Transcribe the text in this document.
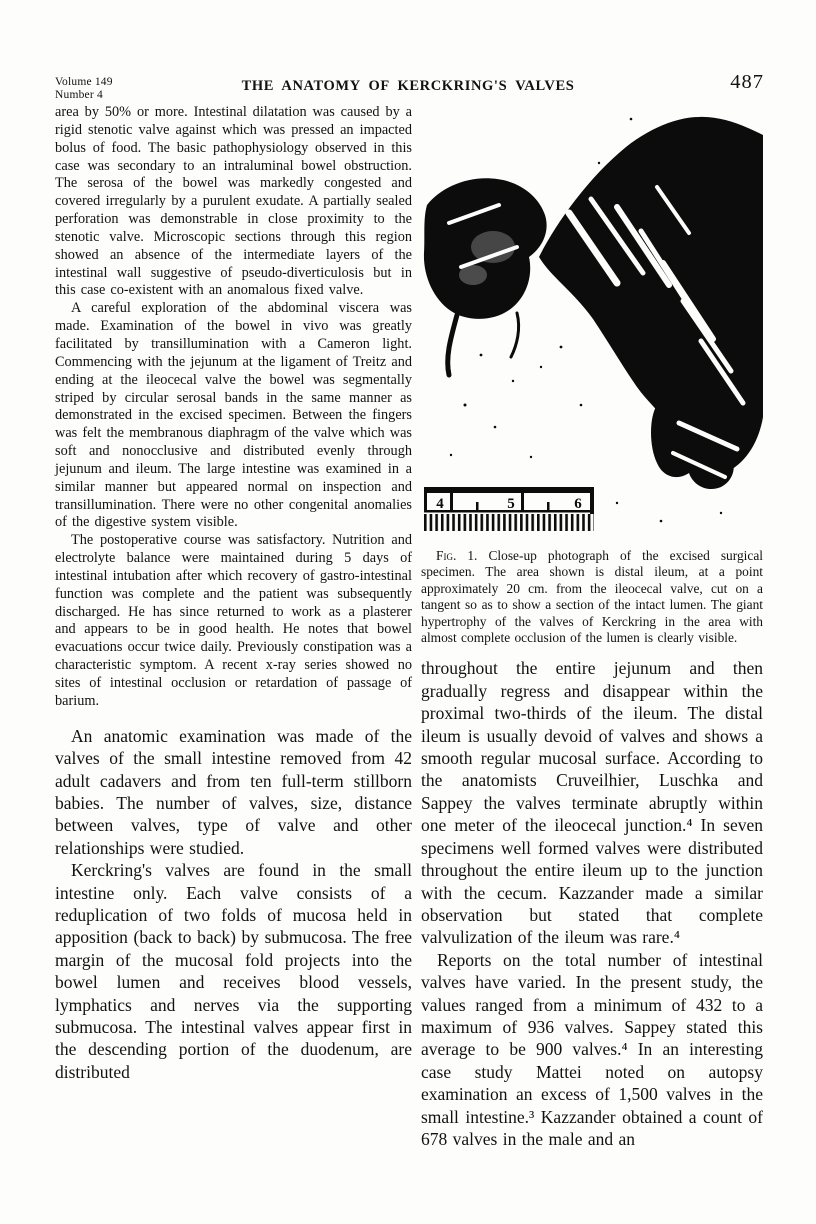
Volume 149
Number 4
THE ANATOMY OF KERCKRING'S VALVES	487

area by 50% or more. Intestinal dilatation was caused by a rigid stenotic valve against which was pressed an impacted bolus of food. The basic pathophysiology observed in this case was secondary to an intraluminal bowel obstruction. The serosa of the bowel was markedly congested and covered irregularly by a purulent exudate. A partially sealed perforation was demonstrable in close proximity to the stenotic valve. Microscopic sections through this region showed an absence of the intermediate layers of the intestinal wall suggestive of pseudo-diverticulosis but in this case co-existent with an anomalous fixed valve.

A careful exploration of the abdominal viscera was made. Examination of the bowel in vivo was greatly facilitated by transillumination with a Cameron light. Commencing with the jejunum at the ligament of Treitz and ending at the ileocecal valve the bowel was segmentally striped by circular serosal bands in the same manner as demonstrated in the excised specimen. Between the fingers was felt the membranous diaphragm of the valve which was soft and nonocclusive and distributed evenly through jejunum and ileum. The large intestine was examined in a similar manner but appeared normal on inspection and transillumination. There were no other congenital anomalies of the digestive system visible.

The postoperative course was satisfactory. Nutrition and electrolyte balance were maintained during 5 days of intestinal intubation after which recovery of gastro-intestinal function was complete and the patient was subsequently discharged. He has since returned to work as a plasterer and appears to be in good health. He notes that bowel evacuations occur twice daily. Previously constipation was a characteristic symptom. A recent x-ray series showed no sites of intestinal occlusion or retardation of passage of barium.

An anatomic examination was made of the valves of the small intestine removed from 42 adult cadavers and from ten full-term stillborn babies. The number of valves, size, distance between valves, type of valve and other relationships were studied.

Kerckring's valves are found in the small intestine only. Each valve consists of a reduplication of two folds of mucosa held in apposition (back to back) by submucosa. The free margin of the mucosal fold projects into the bowel lumen and receives blood vessels, lymphatics and nerves via the supporting submucosa. The intestinal valves appear first in the descending portion of the duodenum, are distributed

4	5	6
Fig. 1. Close-up photograph of the excised surgical specimen. The area shown is distal ileum, at a point approximately 20 cm. from the ileocecal valve, cut on a tangent so as to show a section of the intact lumen. The giant hypertrophy of the valves of Kerckring in the area with almost complete occlusion of the lumen is clearly visible.

throughout the entire jejunum and then gradually regress and disappear within the proximal two-thirds of the ileum. The distal ileum is usually devoid of valves and shows a smooth regular mucosal surface. According to the anatomists Cruveilhier, Luschka and Sappey the valves terminate abruptly within one meter of the ileocecal junction.⁴ In seven specimens well formed valves were distributed throughout the entire ileum up to the junction with the cecum. Kazzander made a similar observation but stated that complete valvulization of the ileum was rare.⁴

Reports on the total number of intestinal valves have varied. In the present study, the values ranged from a minimum of 432 to a maximum of 936 valves. Sappey stated this average to be 900 valves.⁴ In an interesting case study Mattei noted on autopsy examination an excess of 1,500 valves in the small intestine.³ Kazzander obtained a count of 678 valves in the male and an
